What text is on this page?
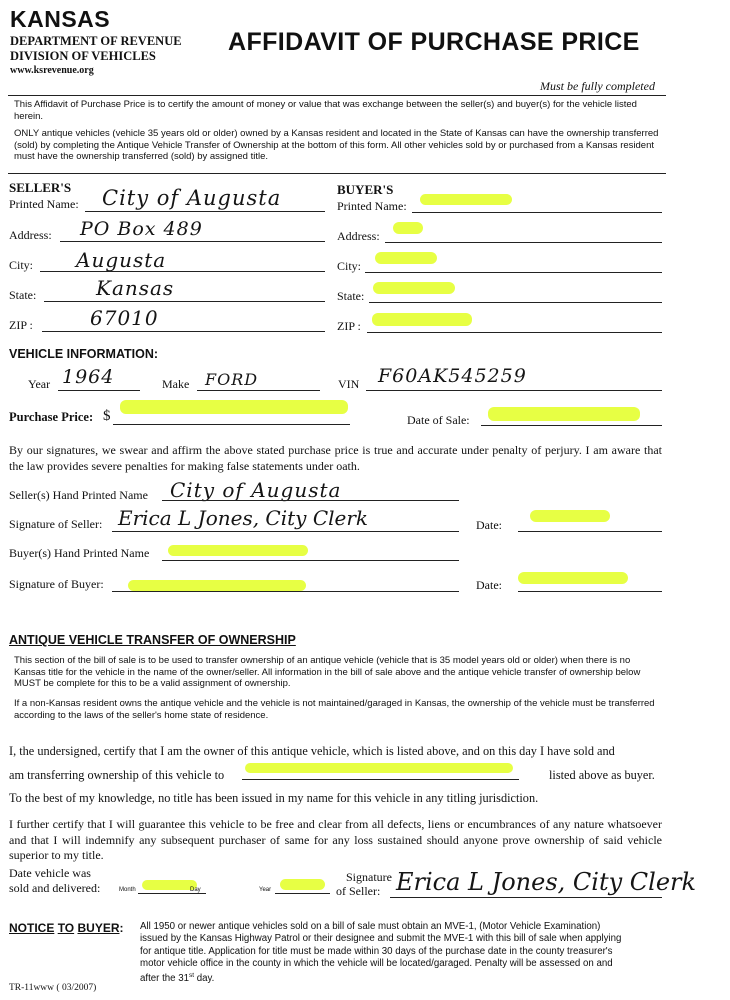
KANSAS
DEPARTMENT OF REVENUE
DIVISION OF VEHICLES
www.ksrevenue.org
AFFIDAVIT OF PURCHASE PRICE
Must be fully completed
This Affidavit of Purchase Price is to certify the amount of money or value that was exchange between the seller(s) and buyer(s) for the vehicle listed herein.
ONLY antique vehicles (vehicle 35 years old or older) owned by a Kansas resident and located in the State of Kansas can have the ownership transferred (sold) by completing the Antique Vehicle Transfer of Ownership at the bottom of this form. All other vehicles sold by or purchased from a Kansas resident must have the ownership transferred (sold) by assigned title.
SELLER'S
Printed Name: City of Augusta
Address: PO Box 489
City: Augusta
State:	Kansas
ZIP :	67010
BUYER'S
Printed Name:
Address:
City:
State:
ZIP :
VEHICLE INFORMATION:
Year 1964	Make FORD	VIN F60AK545259
Purchase Price: $	Date of Sale:
By our signatures, we swear and affirm the above stated purchase price is true and accurate under penalty of perjury. I am aware that the law provides severe penalties for making false statements under oath.
Seller(s) Hand Printed Name City of Augusta
Signature of Seller: Erica L Jones, City Clerk	Date:
Buyer(s) Hand Printed Name
Signature of Buyer:	Date:
ANTIQUE VEHICLE TRANSFER OF OWNERSHIP
This section of the bill of sale is to be used to transfer ownership of an antique vehicle (vehicle that is 35 model years old or older) when there is no Kansas title for the vehicle in the name of the owner/seller. All information in the bill of sale above and the antique vehicle transfer of ownership below MUST be complete for this to be a valid assignment of ownership.
If a non-Kansas resident owns the antique vehicle and the vehicle is not maintained/garaged in Kansas, the ownership of the vehicle must be transferred according to the laws of the seller's home state of residence.
I, the undersigned, certify that I am the owner of this antique vehicle, which is listed above, and on this day I have sold and
am transferring ownership of this vehicle to	listed above as buyer.
To the best of my knowledge, no title has been issued in my name for this vehicle in any titling jurisdiction.
I further certify that I will guarantee this vehicle to be free and clear from all defects, liens or encumbrances of any nature whatsoever and that I will indemnify any subsequent purchaser of same for any loss sustained should anyone prove ownership of said vehicle superior to my title.
Date vehicle was
sold and delivered:	Month	Day	Year
Signature
of Seller: Erica L Jones, City Clerk
NOTICE TO BUYER: All 1950 or newer antique vehicles sold on a bill of sale must obtain an MVE-1, (Motor Vehicle Examination)
issued by the Kansas Highway Patrol or their designee and submit the MVE-1 with this bill of sale when applying
for antique title. Application for title must be made within 30 days of the purchase date in the county treasurer's
motor vehicle office in the county in which the vehicle will be located/garaged. Penalty will be assessed on and
after the 31st day.
TR-11www ( 03/2007)
